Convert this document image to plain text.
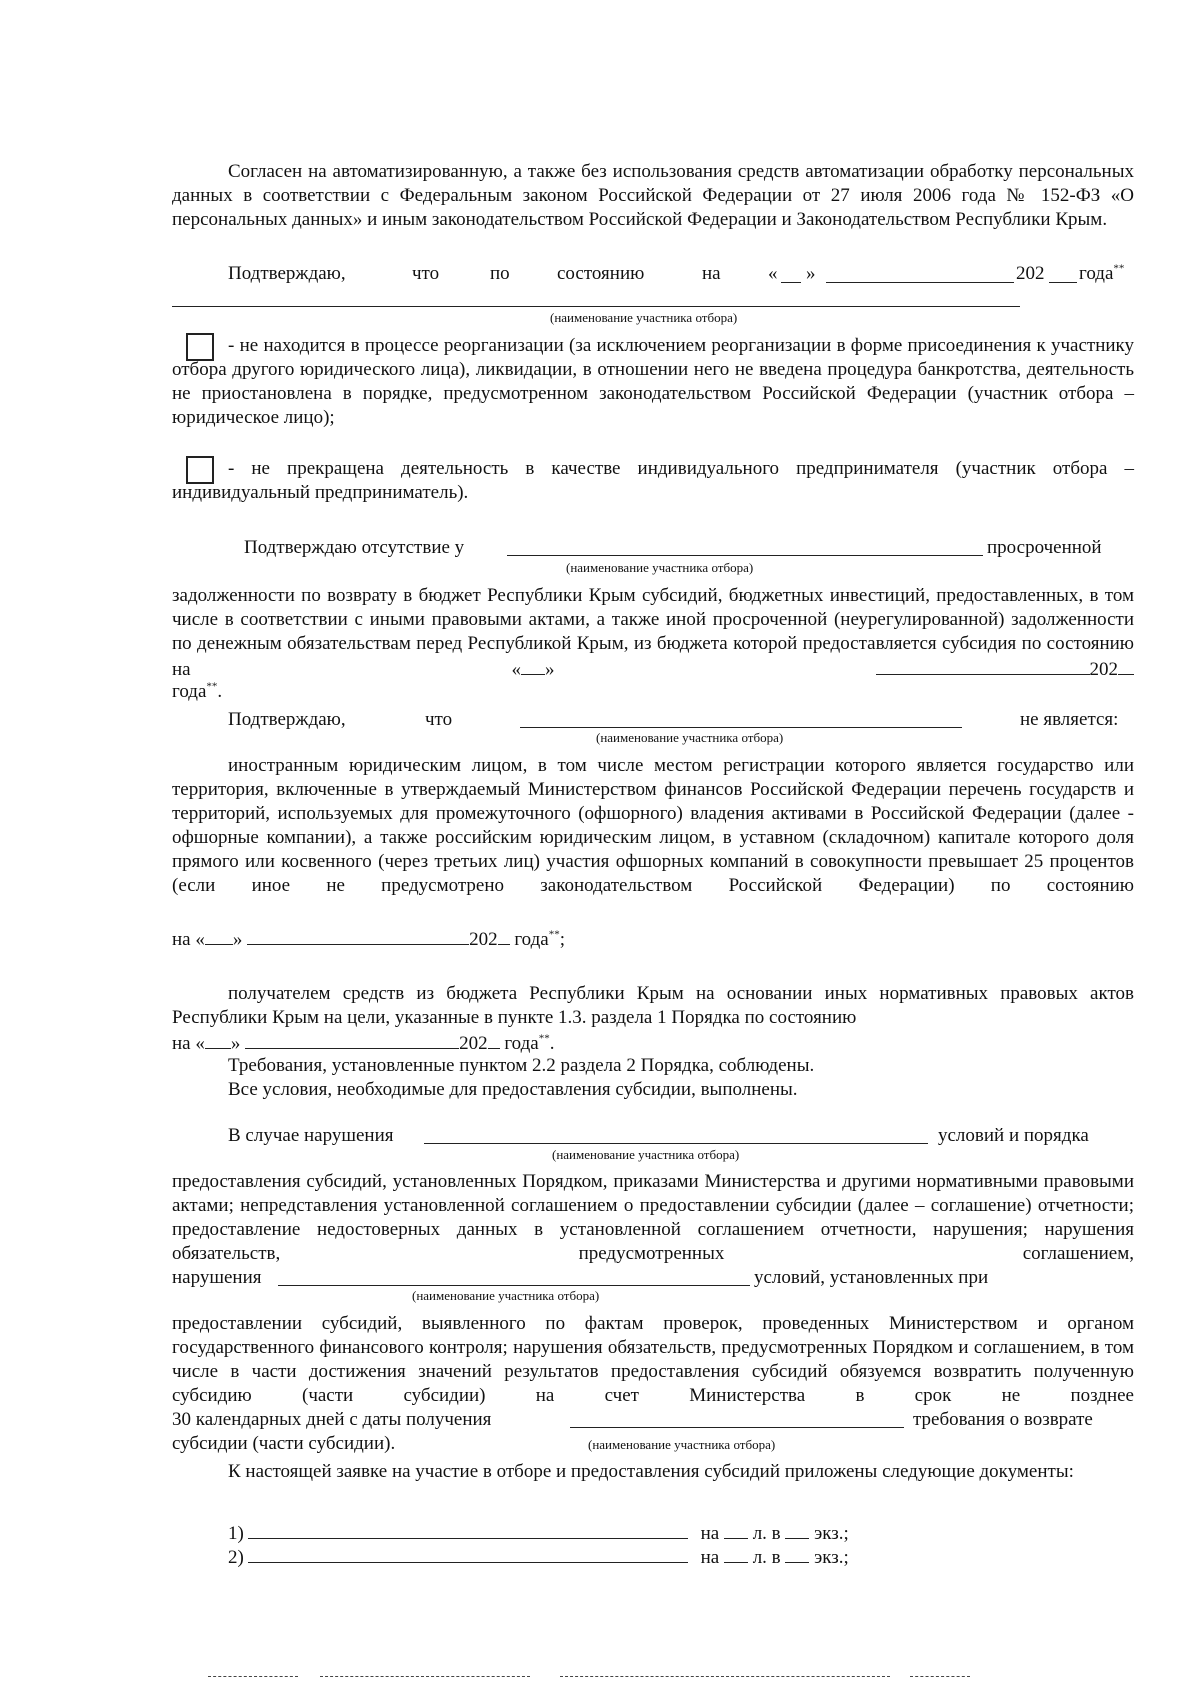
Согласен на автоматизированную, а также без использования средств автоматизации обработку персональных данных в соответствии с Федеральным законом Российской Федерации от 27 июля 2006 года № 152-ФЗ «О персональных данных» и иным законодательством Российской Федерации и Законодательством Республики Крым.
Подтверждаю,	что	по состоянию	на « »	202 года**
(наименование участника отбора)
- не находится в процессе реорганизации (за исключением реорганизации в форме присоединения к участнику отбора другого юридического лица), ликвидации, в отношении него не введена процедура банкротства, деятельность не приостановлена в порядке, предусмотренном законодательством Российской Федерации (участник отбора – юридическое лицо);
- не прекращена деятельность в качестве индивидуального предпринимателя (участник отбора – индивидуальный предприниматель).
Подтверждаю отсутствие у	просроченной
(наименование участника отбора)
задолженности по возврату в бюджет Республики Крым субсидий, бюджетных инвестиций, предоставленных, в том числе в соответствии с иными правовыми актами, а также иной просроченной (неурегулированной) задолженности по денежным обязательствам перед Республикой Крым, из бюджета которой предоставляется субсидия по состоянию на « »	202
года**.
Подтверждаю,	что	не является:
(наименование участника отбора)
иностранным юридическим лицом, в том числе местом регистрации которого является государство или территория, включенные в утверждаемый Министерством финансов Российской Федерации перечень государств и территорий, используемых для промежуточного (офшорного) владения активами в Российской Федерации (далее - офшорные компании), а также российским юридическим лицом, в уставном (складочном) капитале которого доля прямого или косвенного (через третьих лиц) участия офшорных компаний в совокупности превышает 25 процентов (если иное не предусмотрено законодательством Российской Федерации) по состоянию
на « »	202 года**;
получателем средств из бюджета Республики Крым на основании иных нормативных правовых актов Республики Крым на цели, указанные в пункте 1.3. раздела 1 Порядка по состоянию
на « »	202 года**.
Требования, установленные пунктом 2.2 раздела 2 Порядка, соблюдены.
Все условия, необходимые для предоставления субсидии, выполнены.
В случае нарушения	условий и порядка
(наименование участника отбора)
предоставления субсидий, установленных Порядком, приказами Министерства и другими нормативными правовыми актами; непредставления установленной соглашением о предоставлении субсидии (далее – соглашение) отчетности; предоставление недостоверных данных в установленной соглашением отчетности, нарушения; нарушения обязательств, предусмотренных соглашением,
нарушения	условий, установленных при
(наименование участника отбора)
предоставлении субсидий, выявленного по фактам проверок, проведенных Министерством и органом государственного финансового контроля; нарушения обязательств, предусмотренных Порядком и соглашением, в том числе в части достижения значений результатов предоставления субсидий обязуемся возвратить полученную субсидию (части субсидии) на счет Министерства в срок не позднее
30 календарных дней с даты получения	требования о возврате
субсидии (части субсидии).	(наименование участника отбора)
К настоящей заявке на участие в отборе и предоставления субсидий приложены следующие документы:
1)	на л. в экз.;
2)	на л. в экз.;
